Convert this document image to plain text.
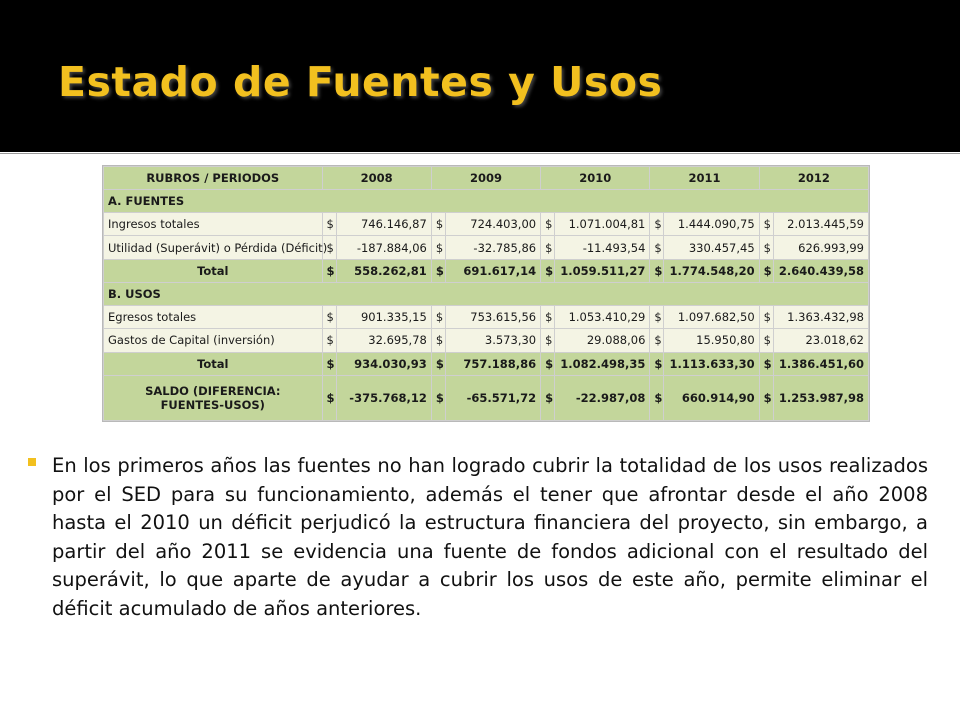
Estado de Fuentes y Usos
RUBROS / PERIODOS	2008		2009		2010		2011		2012	
A. FUENTES										
Ingresos totales	$	746.146,87	$	724.403,00	$	1.071.004,81	$	1.444.090,75	$	2.013.445,59
Utilidad (Superávit) o Pérdida (Déficit)	$	-187.884,06	$	-32.785,86	$	-11.493,54	$	330.457,45	$	626.993,99
Total	$	558.262,81	$	691.617,14	$	1.059.511,27	$	1.774.548,20	$	2.640.439,58
B. USOS										
Egresos totales	$	901.335,15	$	753.615,56	$	1.053.410,29	$	1.097.682,50	$	1.363.432,98
Gastos de Capital (inversión)	$	32.695,78	$	3.573,30	$	29.088,06	$	15.950,80	$	23.018,62
Total	$	934.030,93	$	757.188,86	$	1.082.498,35	$	1.113.633,30	$	1.386.451,60
SALDO (DIFERENCIA:
FUENTES-USOS)	$	-375.768,12	$	-65.571,72	$	-22.987,08	$	660.914,90	$	1.253.987,98
En los primeros años las fuentes no han logrado cubrir la totalidad de los usos realizados por el SED para su funcionamiento, además el tener que afrontar desde el año 2008 hasta el 2010 un déficit perjudicó la estructura financiera del proyecto, sin embargo, a partir del año 2011 se evidencia una fuente de fondos adicional con el resultado del superávit, lo que aparte de ayudar a cubrir los usos de este año, permite eliminar el déficit acumulado de años anteriores.
